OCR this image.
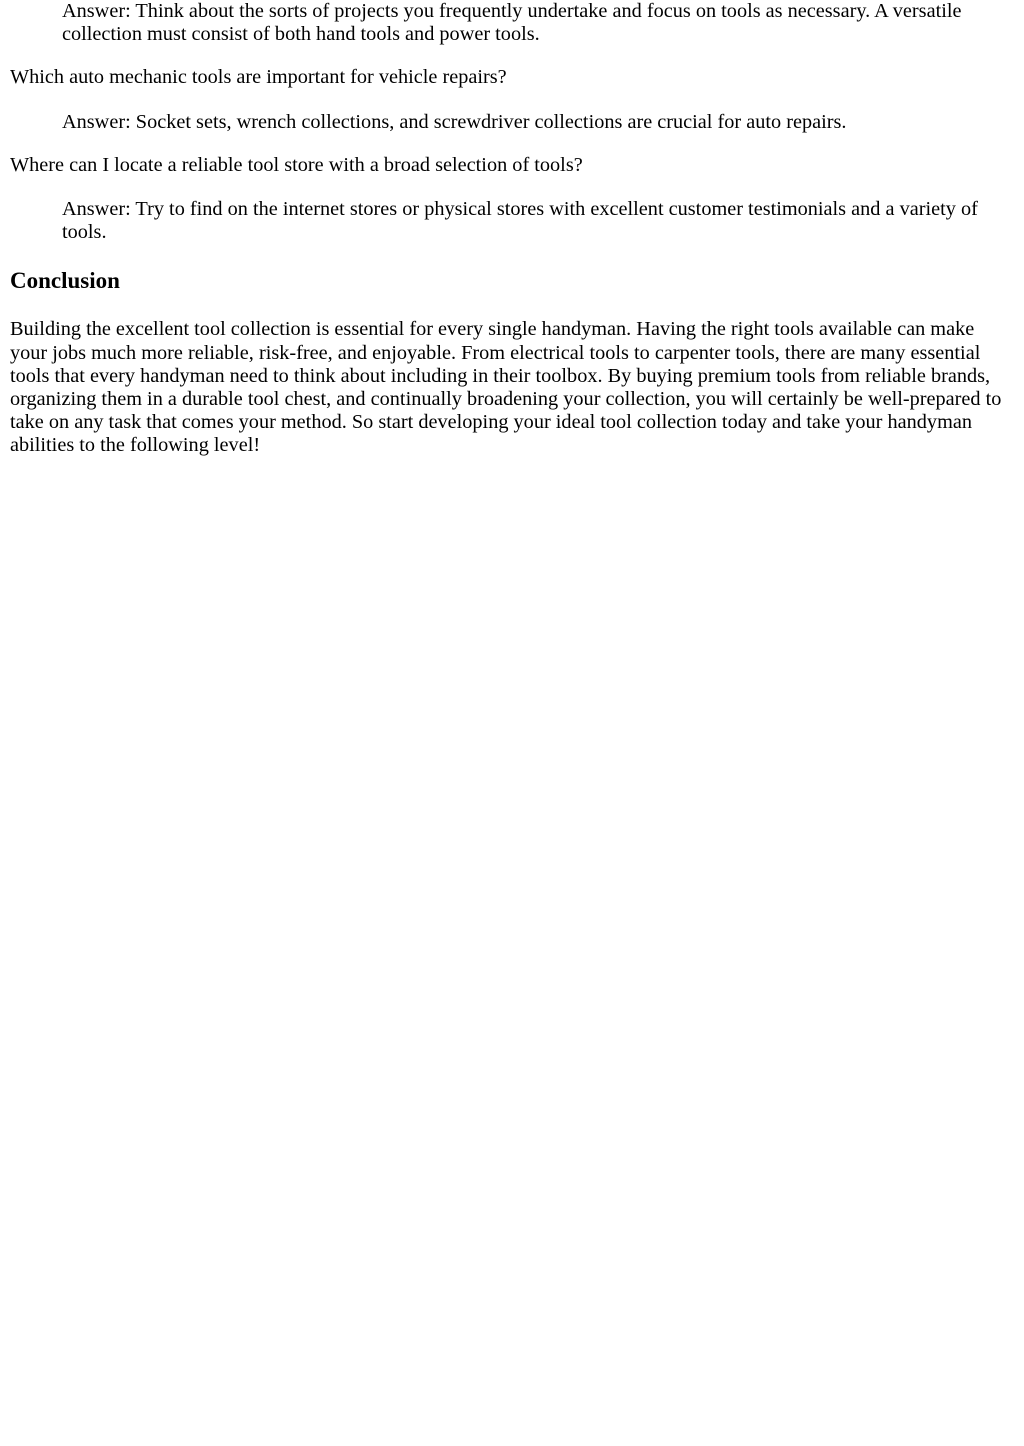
Answer: Think about the sorts of projects you frequently undertake and focus on tools as necessary. A versatile collection must consist of both hand tools and power tools.

Which auto mechanic tools are important for vehicle repairs?

Answer: Socket sets, wrench collections, and screwdriver collections are crucial for auto repairs.

Where can I locate a reliable tool store with a broad selection of tools?

Answer: Try to find on the internet stores or physical stores with excellent customer testimonials and a variety of tools.

Conclusion

Building the excellent tool collection is essential for every single handyman. Having the right tools available can make your jobs much more reliable, risk-free, and enjoyable. From electrical tools to carpenter tools, there are many essential tools that every handyman need to think about including in their toolbox. By buying premium tools from reliable brands, organizing them in a durable tool chest, and continually broadening your collection, you will certainly be well-prepared to take on any task that comes your method. So start developing your ideal tool collection today and take your handyman abilities to the following level!
